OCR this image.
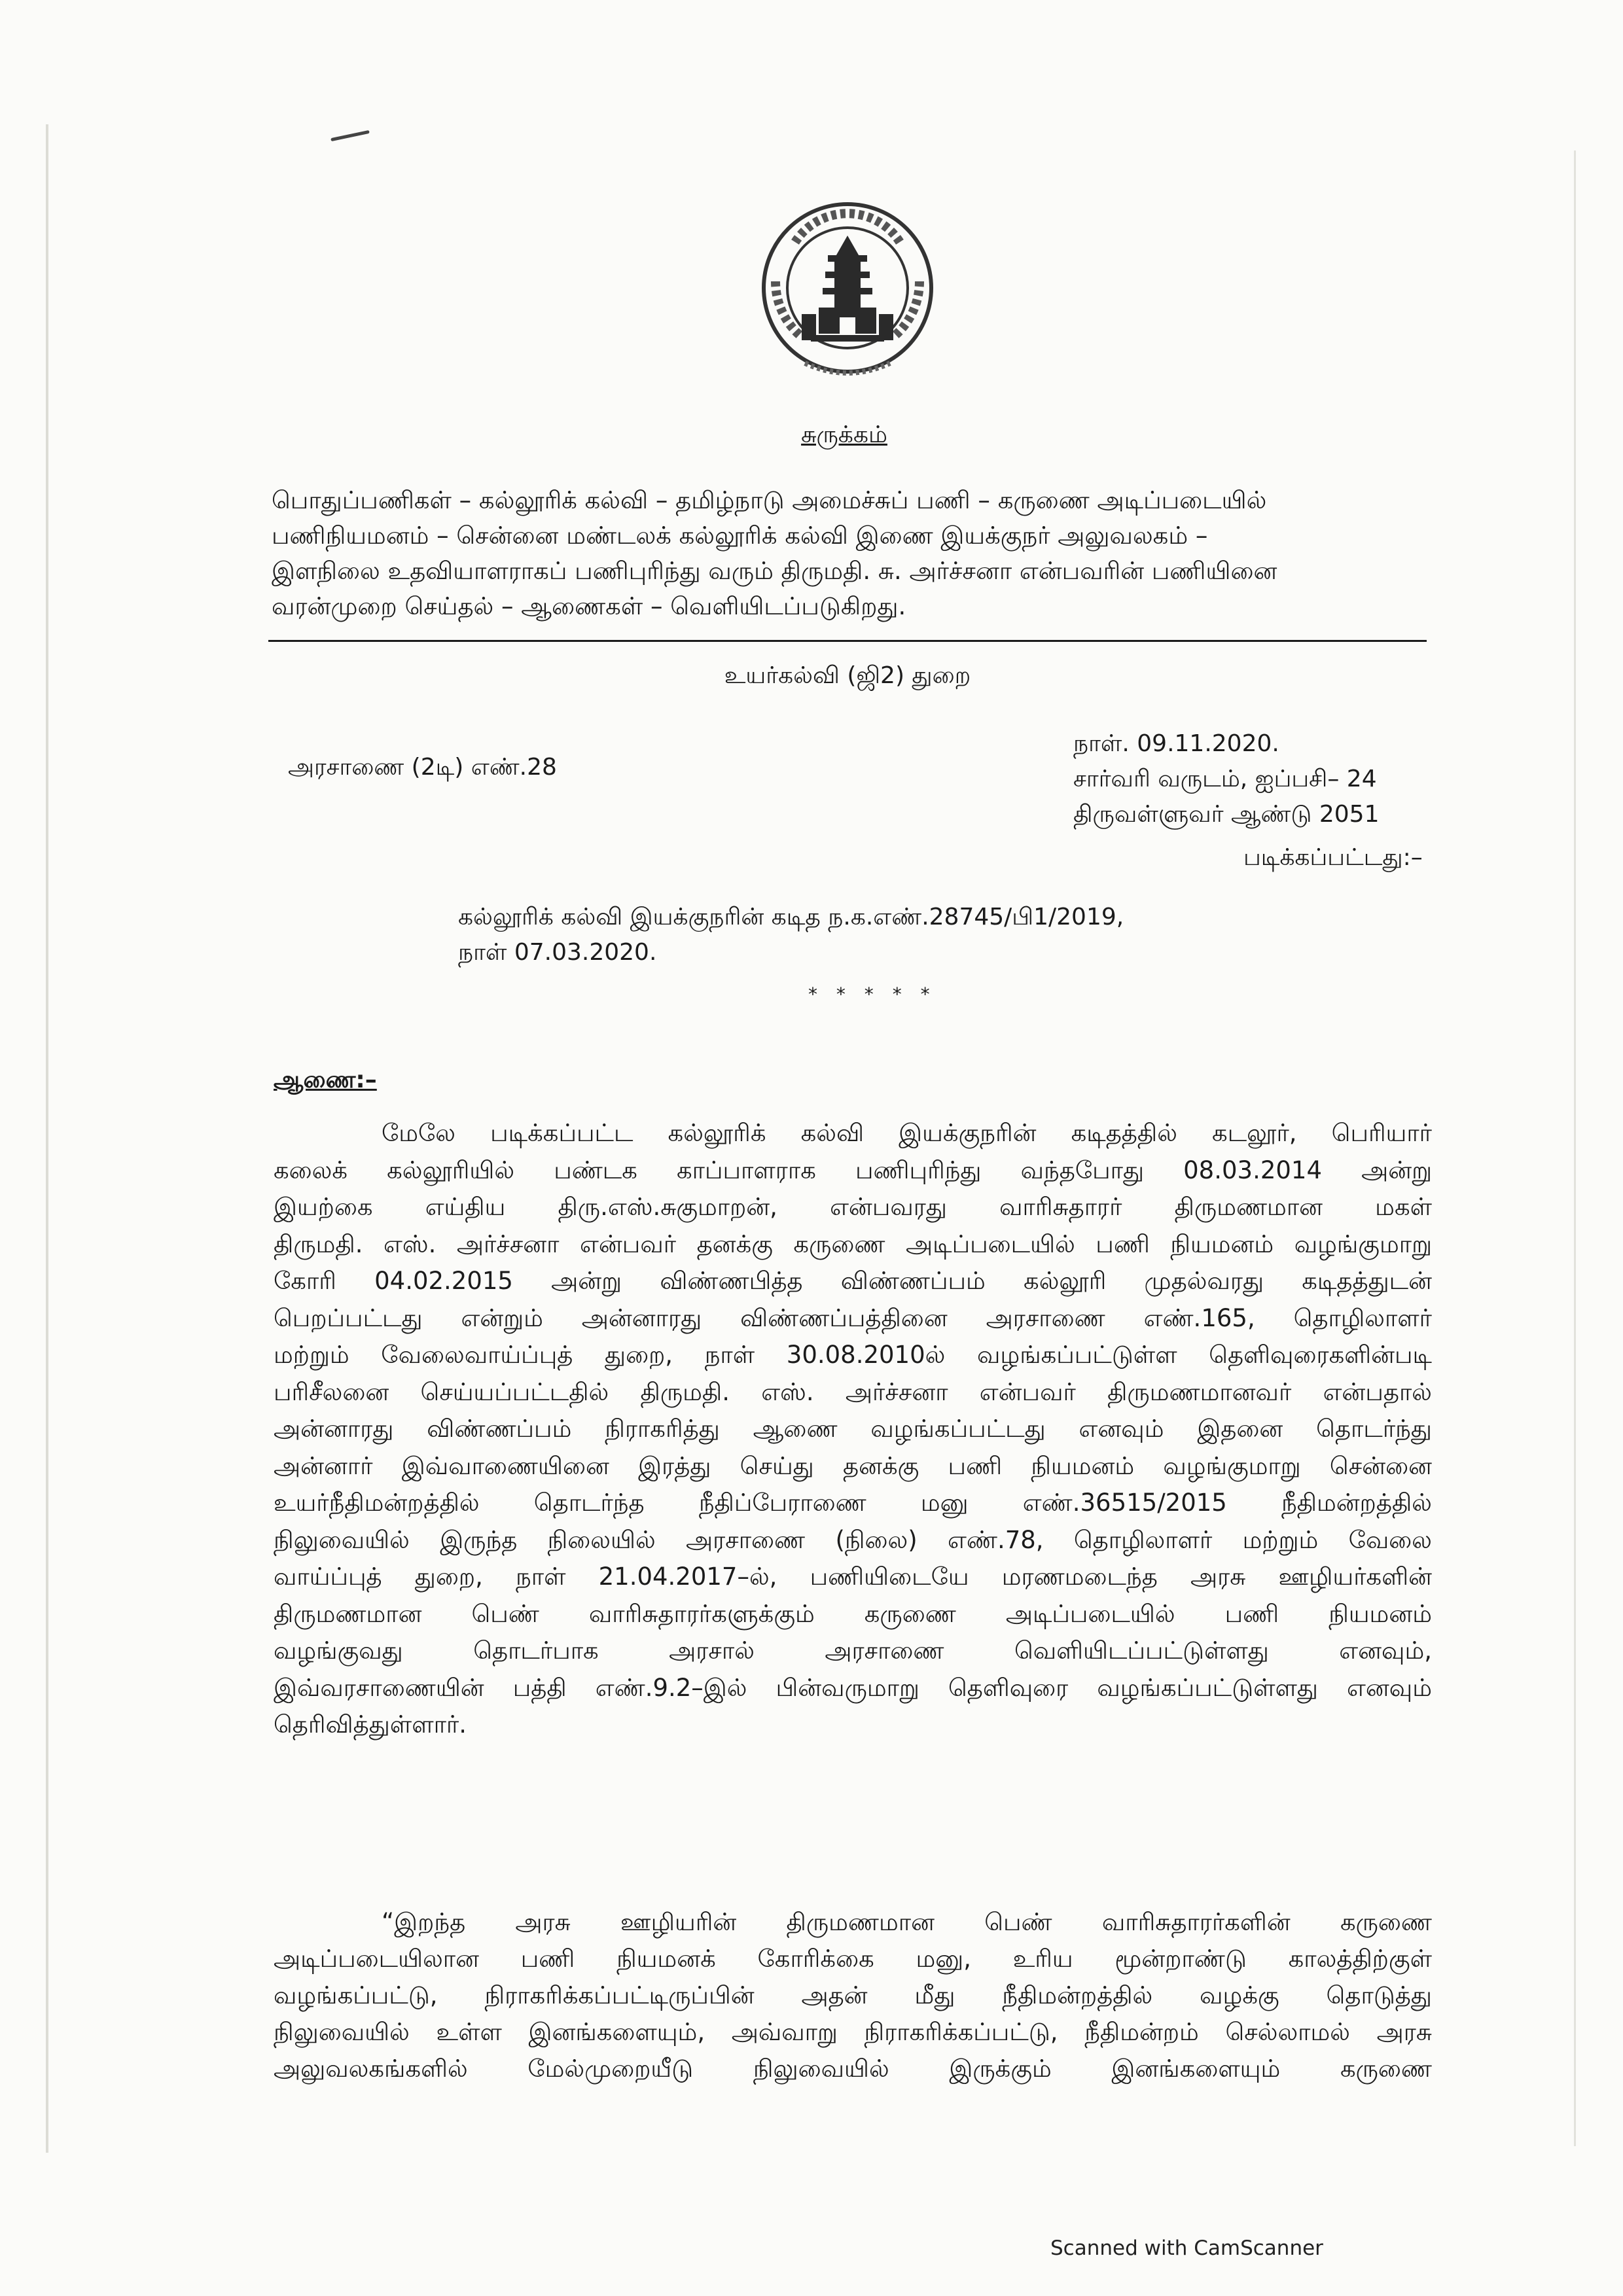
சுருக்கம்
பொதுப்பணிகள் – கல்லூரிக் கல்வி – தமிழ்நாடு அமைச்சுப் பணி – கருணை அடிப்படையில்
பணிநியமனம் – சென்னை மண்டலக் கல்லூரிக் கல்வி இணை இயக்குநர் அலுவலகம் –
இளநிலை உதவியாளராகப் பணிபுரிந்து வரும் திருமதி. சு. அர்ச்சனா என்பவரின் பணியினை
வரன்முறை செய்தல் – ஆணைகள் – வெளியிடப்படுகிறது.
உயர்கல்வி (ஜி2) துறை
அரசாணை (2டி) எண்.28
நாள். 09.11.2020.
சார்வரி வருடம், ஐப்பசி– 24
திருவள்ளுவர் ஆண்டு 2051
படிக்கப்பட்டது:–
கல்லூரிக் கல்வி இயக்குநரின் கடித ந.க.எண்.28745/பி1/2019,
நாள் 07.03.2020.
* * * * *
ஆணை:–
மேலே படிக்கப்பட்ட கல்லூரிக் கல்வி இயக்குநரின் கடிதத்தில் கடலூர், பெரியார்
கலைக் கல்லூரியில் பண்டக காப்பாளராக பணிபுரிந்து வந்தபோது 08.03.2014 அன்று
இயற்கை எய்திய திரு.எஸ்.சுகுமாறன், என்பவரது வாரிசுதாரர் திருமணமான மகள்
திருமதி. எஸ். அர்ச்சனா என்பவர் தனக்கு கருணை அடிப்படையில் பணி நியமனம் வழங்குமாறு
கோரி 04.02.2015 அன்று விண்ணபித்த விண்ணப்பம் கல்லூரி முதல்வரது கடிதத்துடன்
பெறப்பட்டது என்றும் அன்னாரது விண்ணப்பத்தினை அரசாணை எண்.165, தொழிலாளர்
மற்றும் வேலைவாய்ப்புத் துறை, நாள் 30.08.2010ல் வழங்கப்பட்டுள்ள தெளிவுரைகளின்படி
பரிசீலனை செய்யப்பட்டதில் திருமதி. எஸ். அர்ச்சனா என்பவர் திருமணமானவர் என்பதால்
அன்னாரது விண்ணப்பம் நிராகரித்து ஆணை வழங்கப்பட்டது எனவும் இதனை தொடர்ந்து
அன்னார் இவ்வாணையினை இரத்து செய்து தனக்கு பணி நியமனம் வழங்குமாறு சென்னை
உயர்நீதிமன்றத்தில் தொடர்ந்த நீதிப்பேராணை மனு எண்.36515/2015 நீதிமன்றத்தில்
நிலுவையில் இருந்த நிலையில் அரசாணை (நிலை) எண்.78, தொழிலாளர் மற்றும் வேலை
வாய்ப்புத் துறை, நாள் 21.04.2017–ல், பணியிடையே மரணமடைந்த அரசு ஊழியர்களின்
திருமணமான பெண் வாரிசுதாரர்களுக்கும் கருணை அடிப்படையில் பணி நியமனம்
வழங்குவது தொடர்பாக அரசால் அரசாணை வெளியிடப்பட்டுள்ளது எனவும்,
இவ்வரசாணையின் பத்தி எண்.9.2–இல் பின்வருமாறு தெளிவுரை வழங்கப்பட்டுள்ளது எனவும்
தெரிவித்துள்ளார்.
“இறந்த அரசு ஊழியரின் திருமணமான பெண் வாரிசுதாரர்களின் கருணை
அடிப்படையிலான பணி நியமனக் கோரிக்கை மனு, உரிய மூன்றாண்டு காலத்திற்குள்
வழங்கப்பட்டு, நிராகரிக்கப்பட்டிருப்பின் அதன் மீது நீதிமன்றத்தில் வழக்கு தொடுத்து
நிலுவையில் உள்ள இனங்களையும், அவ்வாறு நிராகரிக்கப்பட்டு, நீதிமன்றம் செல்லாமல் அரசு
அலுவலகங்களில் மேல்முறையீடு நிலுவையில் இருக்கும் இனங்களையும் கருணை
Scanned with CamScanner
